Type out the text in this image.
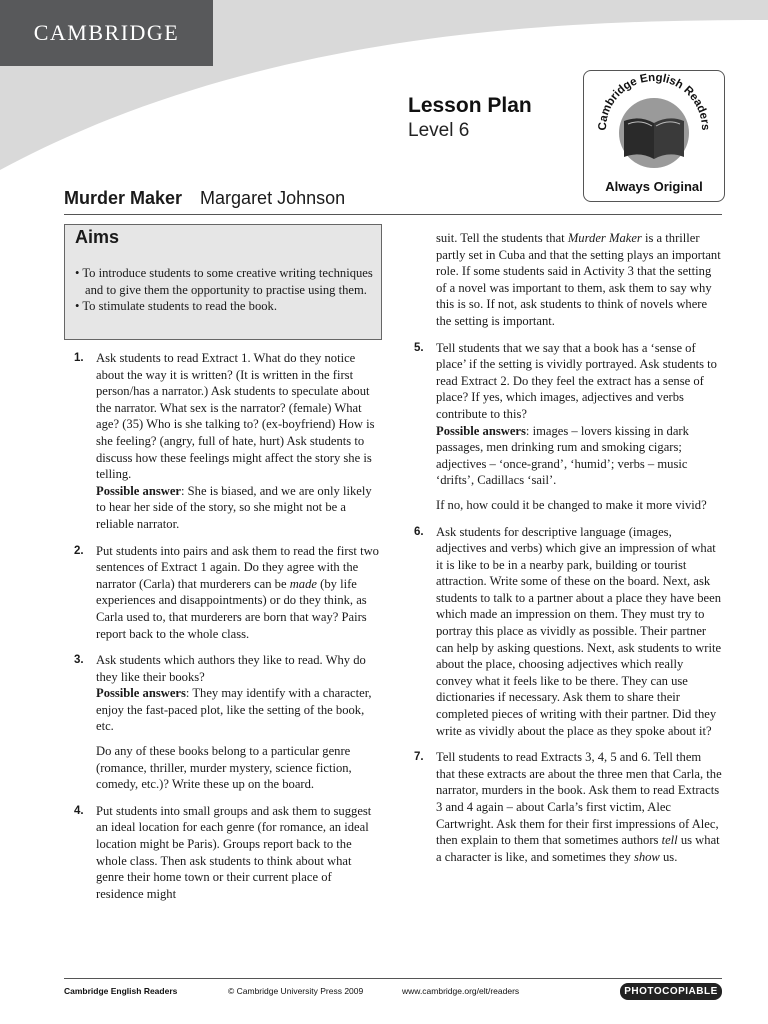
CAMBRIDGE
Lesson Plan
Level 6	Cambridge English Readers
Always Original
Murder Maker Margaret Johnson
Aims
• To introduce students to some creative writing techniques and to give them the opportunity to practise using them.
• To stimulate students to read the book.
1. Ask students to read Extract 1. What do they notice about the way it is written? (It is written in the first person/has a narrator.) Ask students to speculate about the narrator. What sex is the narrator? (female) What age? (35) Who is she talking to? (ex-boyfriend) How is she feeling? (angry, full of hate, hurt) Ask students to discuss how these feelings might affect the story she is telling.

Possible answer: She is biased, and we are only likely to hear her side of the story, so she might not be a reliable narrator.

2. Put students into pairs and ask them to read the first two sentences of Extract 1 again. Do they agree with the narrator (Carla) that murderers can be made (by life experiences and disappointments) or do they think, as Carla used to, that murderers are born that way? Pairs report back to the whole class.

3. Ask students which authors they like to read. Why do they like their books?

Possible answers: They may identify with a character, enjoy the fast-paced plot, like the setting of the book, etc.

Do any of these books belong to a particular genre (romance, thriller, murder mystery, science fiction, comedy, etc.)? Write these up on the board.

4. Put students into small groups and ask them to suggest an ideal location for each genre (for romance, an ideal location might be Paris). Groups report back to the whole class. Then ask students to think about what genre their home town or their current place of residence might

suit. Tell the students that Murder Maker is a thriller partly set in Cuba and that the setting plays an important role. If some students said in Activity 3 that the setting of a novel was important to them, ask them to say why this is so. If not, ask students to think of novels where the setting is important.

5. Tell students that we say that a book has a ‘sense of place’ if the setting is vividly portrayed. Ask students to read Extract 2. Do they feel the extract has a sense of place? If yes, which images, adjectives and verbs contribute to this?

Possible answers: images – lovers kissing in dark passages, men drinking rum and smoking cigars; adjectives – ‘once-grand’, ‘humid’; verbs – music ‘drifts’, Cadillacs ‘sail’.

If no, how could it be changed to make it more vivid?

6. Ask students for descriptive language (images, adjectives and verbs) which give an impression of what it is like to be in a nearby park, building or tourist attraction. Write some of these on the board. Next, ask students to talk to a partner about a place they have been which made an impression on them. They must try to portray this place as vividly as possible. Their partner can help by asking questions. Next, ask students to write about the place, choosing adjectives which really convey what it feels like to be there. They can use dictionaries if necessary. Ask them to share their completed pieces of writing with their partner. Did they write as vividly about the place as they spoke about it?

7. Tell students to read Extracts 3, 4, 5 and 6. Tell them that these extracts are about the three men that Carla, the narrator, murders in the book. Ask them to read Extracts 3 and 4 again – about Carla’s first victim, Alec Cartwright. Ask them for their first impressions of Alec, then explain to them that sometimes authors tell us what a character is like, and sometimes they show us.

Cambridge English Readers	© Cambridge University Press 2009	www.cambridge.org/elt/readers	PHOTOCOPIABLE
